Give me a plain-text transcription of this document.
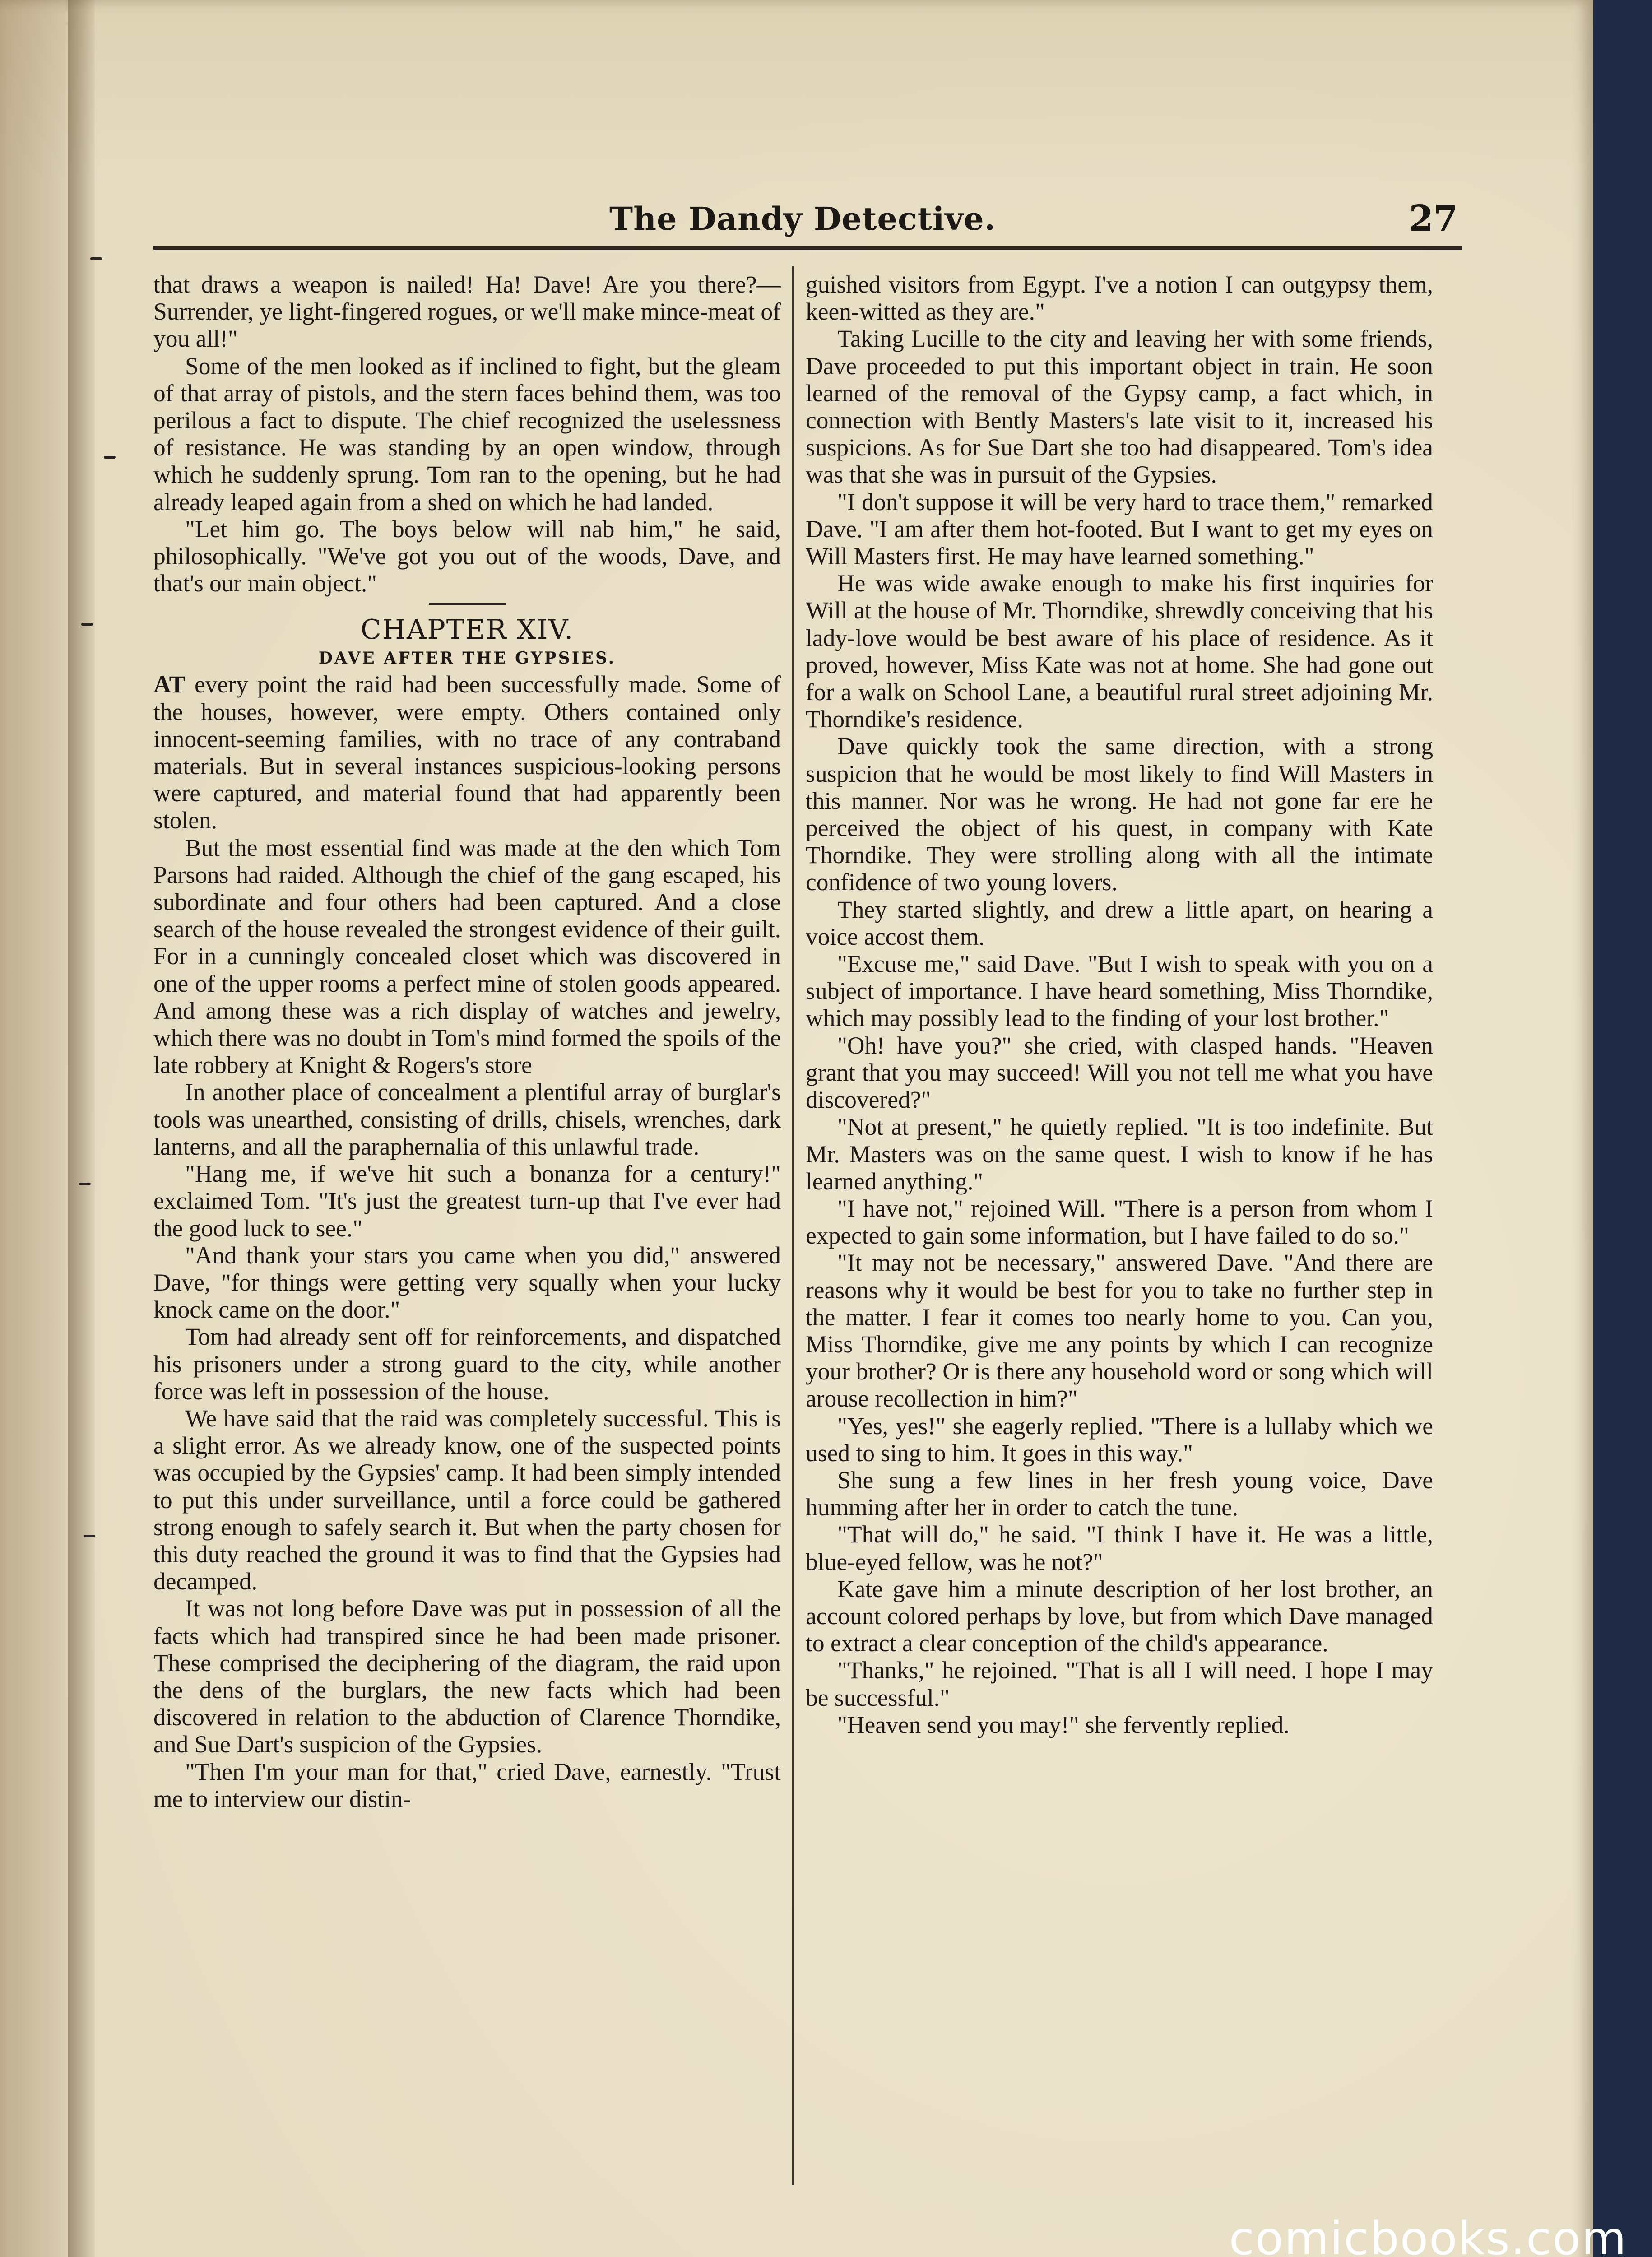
The Dandy Detective.	27

that draws a weapon is nailed! Ha! Dave! Are you there?—Surrender, ye light-fingered rogues, or we'll make mince-meat of you all!"

Some of the men looked as if inclined to fight, but the gleam of that array of pistols, and the stern faces behind them, was too perilous a fact to dispute. The chief recognized the uselessness of resistance. He was standing by an open window, through which he suddenly sprung. Tom ran to the opening, but he had already leaped again from a shed on which he had landed.

"Let him go. The boys below will nab him," he said, philosophically. "We've got you out of the woods, Dave, and that's our main object."

CHAPTER XIV.
DAVE AFTER THE GYPSIES.

AT every point the raid had been successfully made. Some of the houses, however, were empty. Others contained only innocent-seeming families, with no trace of any contraband materials. But in several instances suspicious-looking persons were captured, and material found that had apparently been stolen.

But the most essential find was made at the den which Tom Parsons had raided. Although the chief of the gang escaped, his subordinate and four others had been captured. And a close search of the house revealed the strongest evidence of their guilt. For in a cunningly concealed closet which was discovered in one of the upper rooms a perfect mine of stolen goods appeared. And among these was a rich display of watches and jewelry, which there was no doubt in Tom's mind formed the spoils of the late robbery at Knight & Rogers's store

In another place of concealment a plentiful array of burglar's tools was unearthed, consisting of drills, chisels, wrenches, dark lanterns, and all the paraphernalia of this unlawful trade.

"Hang me, if we've hit such a bonanza for a century!" exclaimed Tom. "It's just the greatest turn-up that I've ever had the good luck to see."

"And thank your stars you came when you did," answered Dave, "for things were getting very squally when your lucky knock came on the door."

Tom had already sent off for reinforcements, and dispatched his prisoners under a strong guard to the city, while another force was left in possession of the house.

We have said that the raid was completely successful. This is a slight error. As we already know, one of the suspected points was occupied by the Gypsies' camp. It had been simply intended to put this under surveillance, until a force could be gathered strong enough to safely search it. But when the party chosen for this duty reached the ground it was to find that the Gypsies had decamped.

It was not long before Dave was put in possession of all the facts which had transpired since he had been made prisoner. These comprised the deciphering of the diagram, the raid upon the dens of the burglars, the new facts which had been discovered in relation to the abduction of Clarence Thorndike, and Sue Dart's suspicion of the Gypsies.

"Then I'm your man for that," cried Dave, earnestly. "Trust me to interview our distin-

guished visitors from Egypt. I've a notion I can outgypsy them, keen-witted as they are."

Taking Lucille to the city and leaving her with some friends, Dave proceeded to put this important object in train. He soon learned of the removal of the Gypsy camp, a fact which, in connection with Bently Masters's late visit to it, increased his suspicions. As for Sue Dart she too had disappeared. Tom's idea was that she was in pursuit of the Gypsies.

"I don't suppose it will be very hard to trace them," remarked Dave. "I am after them hot-footed. But I want to get my eyes on Will Masters first. He may have learned something."

He was wide awake enough to make his first inquiries for Will at the house of Mr. Thorndike, shrewdly conceiving that his lady-love would be best aware of his place of residence. As it proved, however, Miss Kate was not at home. She had gone out for a walk on School Lane, a beautiful rural street adjoining Mr. Thorndike's residence.

Dave quickly took the same direction, with a strong suspicion that he would be most likely to find Will Masters in this manner. Nor was he wrong. He had not gone far ere he perceived the object of his quest, in company with Kate Thorndike. They were strolling along with all the intimate confidence of two young lovers.

They started slightly, and drew a little apart, on hearing a voice accost them.

"Excuse me," said Dave. "But I wish to speak with you on a subject of importance. I have heard something, Miss Thorndike, which may possibly lead to the finding of your lost brother."

"Oh! have you?" she cried, with clasped hands. "Heaven grant that you may succeed! Will you not tell me what you have discovered?"

"Not at present," he quietly replied. "It is too indefinite. But Mr. Masters was on the same quest. I wish to know if he has learned anything."

"I have not," rejoined Will. "There is a person from whom I expected to gain some information, but I have failed to do so."

"It may not be necessary," answered Dave. "And there are reasons why it would be best for you to take no further step in the matter. I fear it comes too nearly home to you. Can you, Miss Thorndike, give me any points by which I can recognize your brother? Or is there any household word or song which will arouse recollection in him?"

"Yes, yes!" she eagerly replied. "There is a lullaby which we used to sing to him. It goes in this way."

She sung a few lines in her fresh young voice, Dave humming after her in order to catch the tune.

"That will do," he said. "I think I have it. He was a little, blue-eyed fellow, was he not?"

Kate gave him a minute description of her lost brother, an account colored perhaps by love, but from which Dave managed to extract a clear conception of the child's appearance.

"Thanks," he rejoined. "That is all I will need. I hope I may be successful."

"Heaven send you may!" she fervently replied.

comicbooks.com
